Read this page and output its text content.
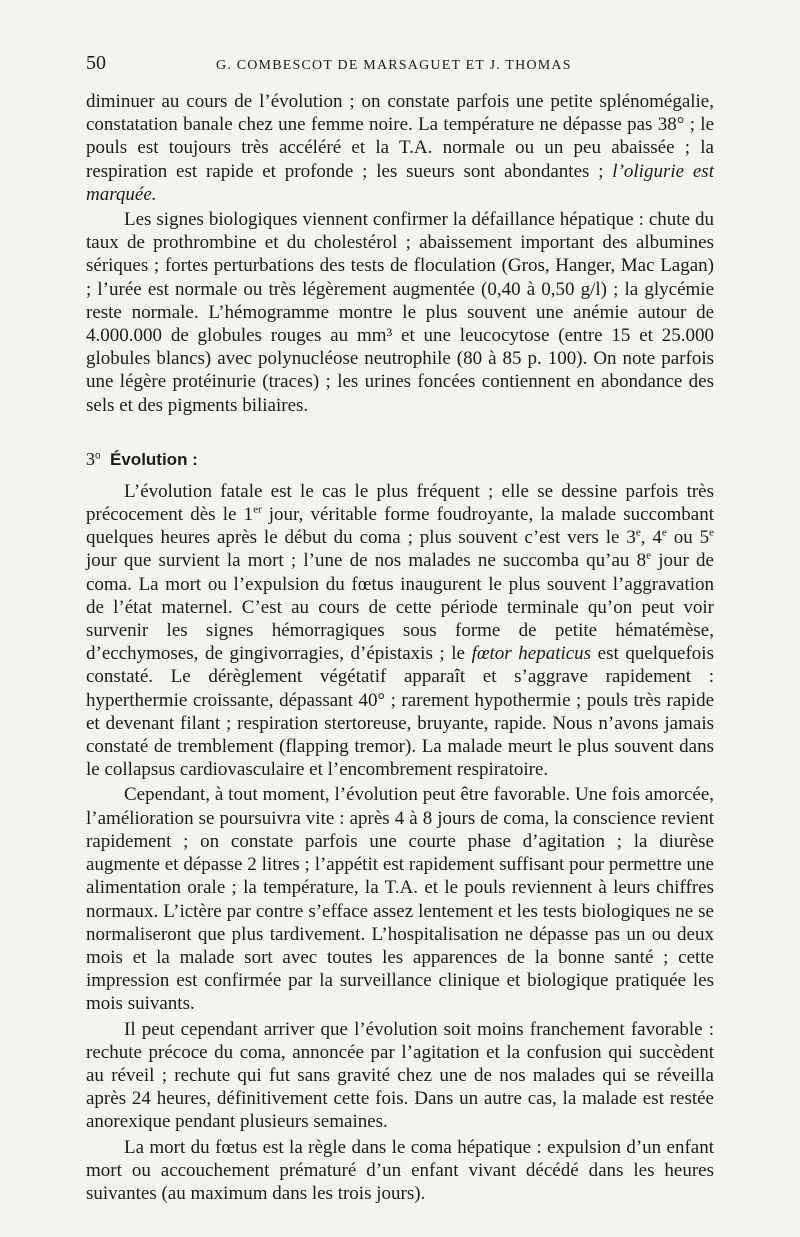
50	G. COMBESCOT DE MARSAGUET ET J. THOMAS

diminuer au cours de l’évolution ; on constate parfois une petite splénomégalie, constatation banale chez une femme noire. La température ne dépasse pas 38° ; le pouls est toujours très accéléré et la T.A. normale ou un peu abaissée ; la respiration est rapide et profonde ; les sueurs sont abondantes ; l’oligurie est marquée.

Les signes biologiques viennent confirmer la défaillance hépatique : chute du taux de prothrombine et du cholestérol ; abaissement important des albumines sériques ; fortes perturbations des tests de floculation (Gros, Hanger, Mac Lagan) ; l’urée est normale ou très légèrement augmentée (0,40 à 0,50 g/l) ; la glycémie reste normale. L’hémogramme montre le plus souvent une anémie autour de 4.000.000 de globules rouges au mm³ et une leucocytose (entre 15 et 25.000 globules blancs) avec polynucléose neutrophile (80 à 85 p. 100). On note parfois une légère protéinurie (traces) ; les urines foncées contiennent en abondance des sels et des pigments biliaires.

3$^o$ Évolution :

L’évolution fatale est le cas le plus fréquent ; elle se dessine parfois très précocement dès le 1er jour, véritable forme foudroyante, la malade succombant quelques heures après le début du coma ; plus souvent c’est vers le 3e, 4e ou 5e jour que survient la mort ; l’une de nos malades ne succomba qu’au 8e jour de coma. La mort ou l’expulsion du fœtus inaugurent le plus souvent l’aggravation de l’état maternel. C’est au cours de cette période terminale qu’on peut voir survenir les signes hémorragiques sous forme de petite hématémèse, d’ecchymoses, de gingivorragies, d’épistaxis ; le fœtor hepaticus est quelquefois constaté. Le dérèglement végétatif apparaît et s’aggrave rapidement : hyperthermie croissante, dépassant 40° ; rarement hypothermie ; pouls très rapide et devenant filant ; respiration stertoreuse, bruyante, rapide. Nous n’avons jamais constaté de tremblement (flapping tremor). La malade meurt le plus souvent dans le collapsus cardiovasculaire et l’encombrement respiratoire.

Cependant, à tout moment, l’évolution peut être favorable. Une fois amorcée, l’amélioration se poursuivra vite : après 4 à 8 jours de coma, la conscience revient rapidement ; on constate parfois une courte phase d’agitation ; la diurèse augmente et dépasse 2 litres ; l’appétit est rapidement suffisant pour permettre une alimentation orale ; la température, la T.A. et le pouls reviennent à leurs chiffres normaux. L’ictère par contre s’efface assez lentement et les tests biologiques ne se normaliseront que plus tardivement. L’hospitalisation ne dépasse pas un ou deux mois et la malade sort avec toutes les apparences de la bonne santé ; cette impression est confirmée par la surveillance clinique et biologique pratiquée les mois suivants.

Il peut cependant arriver que l’évolution soit moins franchement favorable : rechute précoce du coma, annoncée par l’agitation et la confusion qui succèdent au réveil ; rechute qui fut sans gravité chez une de nos malades qui se réveilla après 24 heures, définitivement cette fois. Dans un autre cas, la malade est restée anorexique pendant plusieurs semaines.

La mort du fœtus est la règle dans le coma hépatique : expulsion d’un enfant mort ou accouchement prématuré d’un enfant vivant décédé dans les heures suivantes (au maximum dans les trois jours).
